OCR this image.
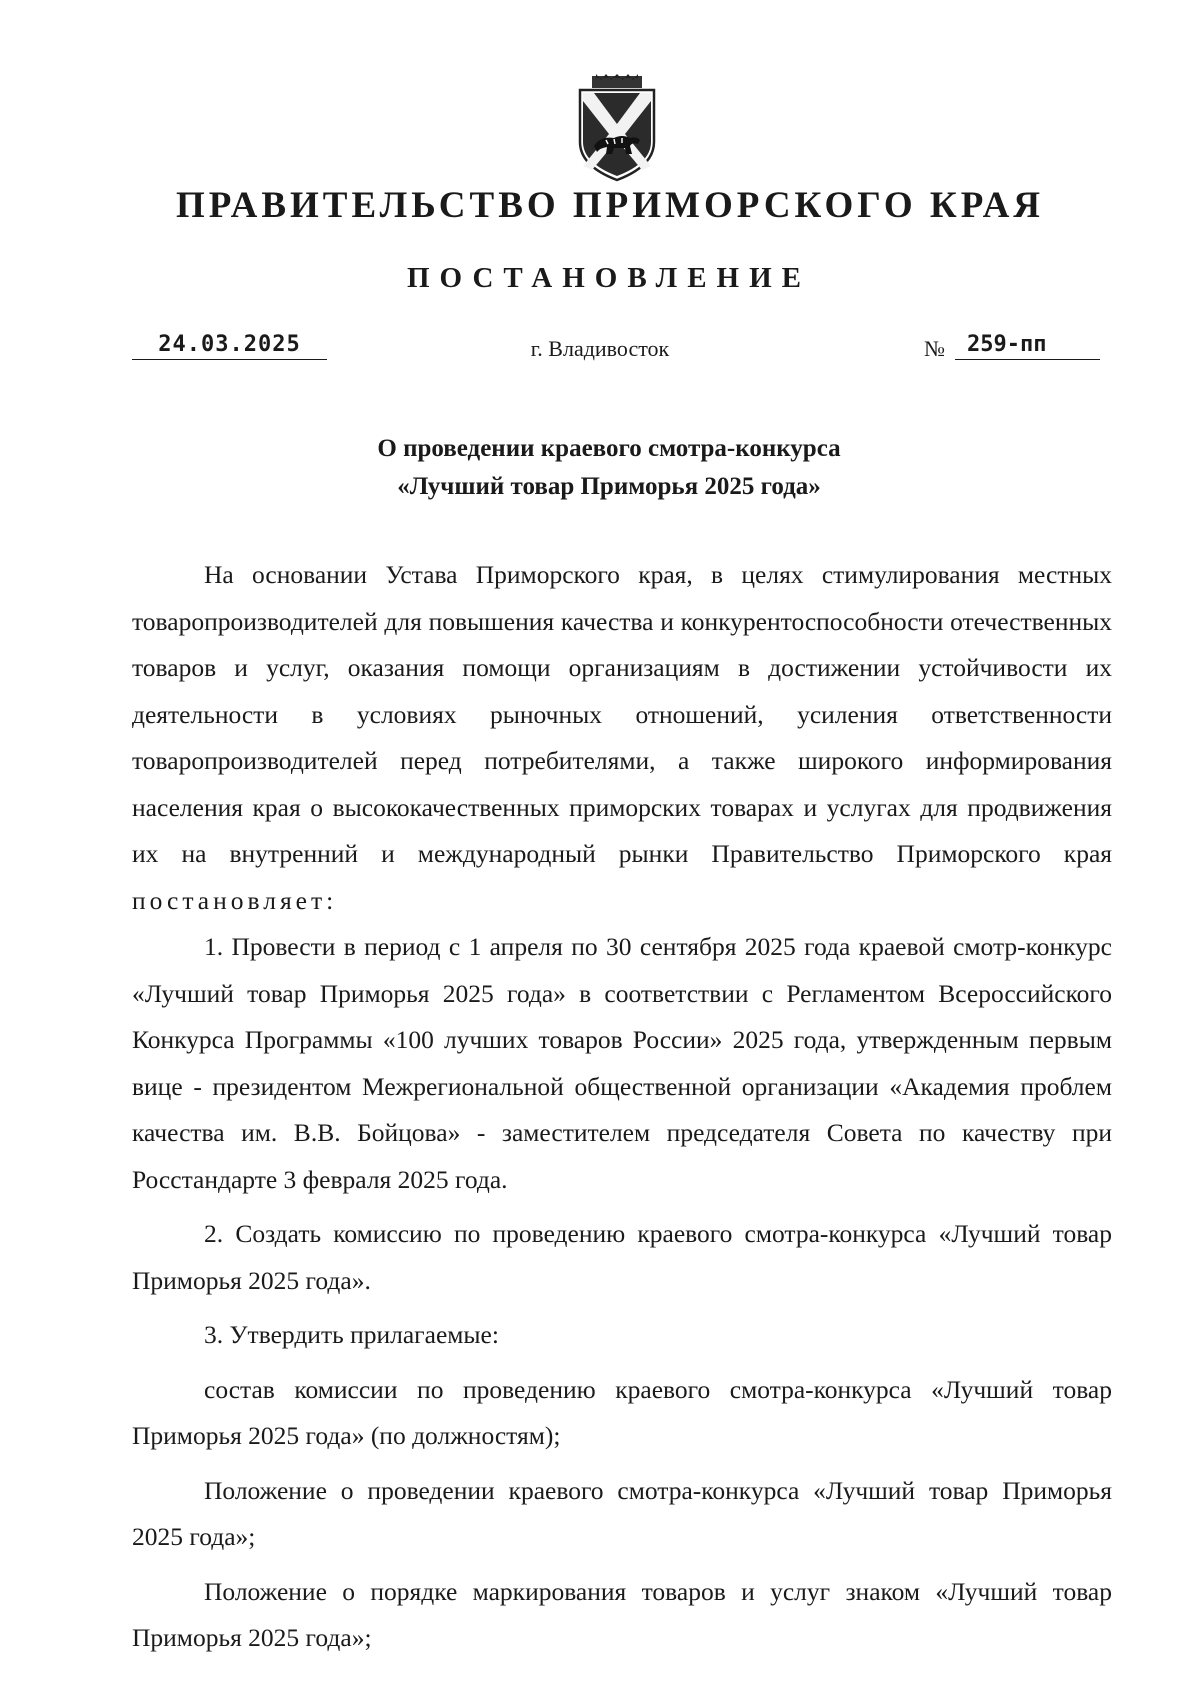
ПРАВИТЕЛЬСТВО ПРИМОРСКОГО КРАЯ
ПОСТАНОВЛЕНИЕ
24.03.2025	г. Владивосток	№	259-пп
О проведении краевого смотра-конкурса
«Лучший товар Приморья 2025 года»

На основании Устава Приморского края, в целях стимулирования местных товаропроизводителей для повышения качества и конкурентоспособности отечественных товаров и услуг, оказания помощи организациям в достижении устойчивости их деятельности в условиях рыночных отношений, усиления ответственности товаропроизводителей перед потребителями, а также широкого информирования населения края о высококачественных приморских товарах и услугах для продвижения их на внутренний и международный рынки Правительство Приморского края постановляет:

1. Провести в период с 1 апреля по 30 сентября 2025 года краевой смотр-конкурс «Лучший товар Приморья 2025 года» в соответствии с Регламентом Всероссийского Конкурса Программы «100 лучших товаров России» 2025 года, утвержденным первым вице - президентом Межрегиональной общественной организации «Академия проблем качества им. В.В. Бойцова» - заместителем председателя Совета по качеству при Росстандарте 3 февраля 2025 года.

2. Создать комиссию по проведению краевого смотра-конкурса «Лучший товар Приморья 2025 года».

3. Утвердить прилагаемые:

состав комиссии по проведению краевого смотра-конкурса «Лучший товар Приморья 2025 года» (по должностям);

Положение о проведении краевого смотра-конкурса «Лучший товар Приморья 2025 года»;

Положение о порядке маркирования товаров и услуг знаком «Лучший товар Приморья 2025 года»;
